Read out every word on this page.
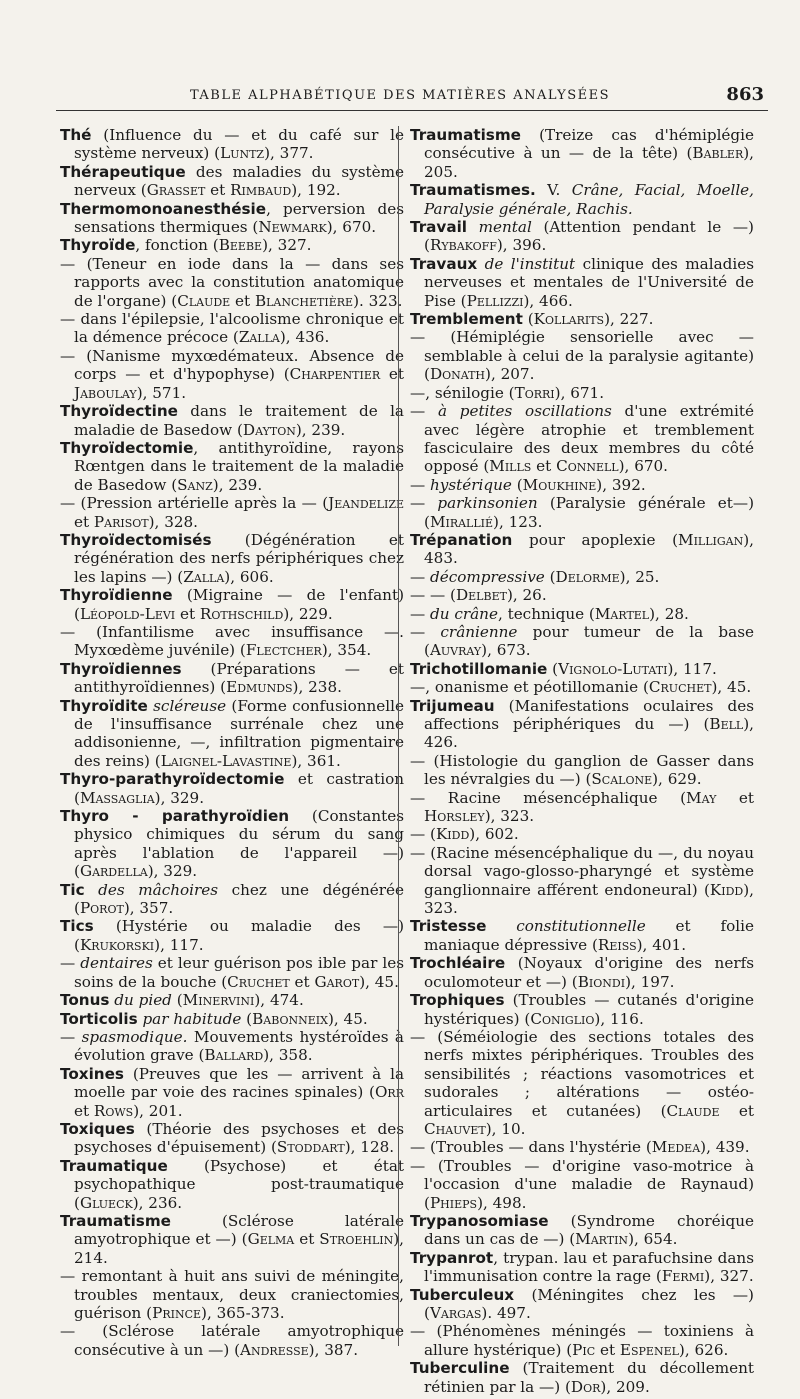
TABLE ALPHABÉTIQUE DES MATIÈRES ANALYSÉES	863

Thé (Influence du — et du café sur le système nerveux) (Luntz), 377.

Thérapeutique des maladies du système nerveux (Grasset et Rimbaud), 192.

Thermomonoanesthésie, perversion des sensations thermiques (Newmark), 670.

Thyroïde, fonction (Beebe), 327.

— (Teneur en iode dans la — dans ses rapports avec la constitution anatomique de l'organe) (Claude et Blanchetière). 323.

— dans l'épilepsie, l'alcoolisme chronique et la démence précoce (Zalla), 436.

— (Nanisme myxœdémateux. Absence de corps — et d'hypophyse) (Charpentier et Jaboulay), 571.

Thyroïdectine dans le traitement de la maladie de Basedow (Dayton), 239.

Thyroïdectomie, antithyroïdine, rayons Rœntgen dans le traitement de la maladie de Basedow (Sanz), 239.

— (Pression artérielle après la — (Jeandelize et Parisot), 328.

Thyroïdectomisés (Dégénération et régénération des nerfs périphériques chez les lapins —) (Zalla), 606.

Thyroïdienne (Migraine — de l'enfant) (Léopold-Levi et Rothschild), 229.

— (Infantilisme avec insuffisance —. Myxœdème juvénile) (Flectcher), 354.

Thyroïdiennes (Préparations — et antithyroïdiennes) (Edmunds), 238.

Thyroïdite scléreuse (Forme confusionnelle de l'insuffisance surrénale chez une addisonienne, —, infiltration pigmentaire des reins) (Laignel-Lavastine), 361.

Thyro-parathyroïdectomie et castration (Massaglia), 329.

Thyro - parathyroïdien (Constantes physico chimiques du sérum du sang après l'ablation de l'appareil —) (Gardella), 329.

Tic des mâchoires chez une dégénérée (Porot), 357.

Tics (Hystérie ou maladie des —) (Krukorski), 117.

— dentaires et leur guérison pos ible par les soins de la bouche (Cruchet et Garot), 45.

Tonus du pied (Minervini), 474.

Torticolis par habitude (Babonneix), 45.

— spasmodique. Mouvements hystéroïdes à évolution grave (Ballard), 358.

Toxines (Preuves que les — arrivent à la moelle par voie des racines spinales) (Orr et Rows), 201.

Toxiques (Théorie des psychoses et des psychoses d'épuisement) (Stoddart), 128.

Traumatique (Psychose) et état psychopathique post-traumatique (Glueck), 236.

Traumatisme (Sclérose latérale amyotrophique et —) (Gelma et Stroehlin), 214.

— remontant à huit ans suivi de méningite, troubles mentaux, deux craniectomies, guérison (Prince), 365-373.

— (Sclérose latérale amyotrophique consécutive à un —) (Andresse), 387.

Traumatisme (Treize cas d'hémiplégie consécutive à un — de la tête) (Babler), 205.

Traumatismes. V. Crâne, Facial, Moelle, Paralysie générale, Rachis.

Travail mental (Attention pendant le —) (Rybakoff), 396.

Travaux de l'institut clinique des maladies nerveuses et mentales de l'Université de Pise (Pellizzi), 466.

Tremblement (Kollarits), 227.

— (Hémiplégie sensorielle avec — semblable à celui de la paralysie agitante) (Donath), 207.

—, sénilogie (Torri), 671.

— à petites oscillations d'une extrémité avec légère atrophie et tremblement fasciculaire des deux membres du côté opposé (Mills et Connell), 670.

— hystérique (Moukhine), 392.

— parkinsonien (Paralysie générale et—) (Mirallié), 123.

Trépanation pour apoplexie (Milligan), 483.

— décompressive (Delorme), 25.

— — (Delbet), 26.

— du crâne, technique (Martel), 28.

— crânienne pour tumeur de la base (Auvray), 673.

Trichotillomanie (Vignolo-Lutati), 117.

—, onanisme et péotillomanie (Cruchet), 45.

Trijumeau (Manifestations oculaires des affections périphériques du —) (Bell), 426.

— (Histologie du ganglion de Gasser dans les névralgies du —) (Scalone), 629.

— Racine mésencéphalique (May et Horsley), 323.

— (Kidd), 602.

— (Racine mésencéphalique du —, du noyau dorsal vago-glosso-pharyngé et système ganglionnaire afférent endoneural) (Kidd), 323.

Tristesse constitutionnelle et folie maniaque dépressive (Reiss), 401.

Trochléaire (Noyaux d'origine des nerfs oculomoteur et —) (Biondi), 197.

Trophiques (Troubles — cutanés d'origine hystériques) (Coniglio), 116.

— (Séméiologie des sections totales des nerfs mixtes périphériques. Troubles des sensibilités ; réactions vasomotrices et sudorales ; altérations — ostéo-articulaires et cutanées) (Claude et Chauvet), 10.

— (Troubles — dans l'hystérie (Medea), 439.

— (Troubles — d'origine vaso-motrice à l'occasion d'une maladie de Raynaud) (Phieps), 498.

Trypanosomiase (Syndrome choréique dans un cas de —) (Martin), 654.

Trypanrot, trypan. lau et parafuchsine dans l'immunisation contre la rage (Fermi), 327.

Tuberculeux (Méningites chez les —) (Vargas). 497.

— (Phénomènes méningés — toxiniens à allure hystérique) (Pic et Espenel), 626.

Tuberculine (Traitement du décollement rétinien par la —) (Dor), 209.
